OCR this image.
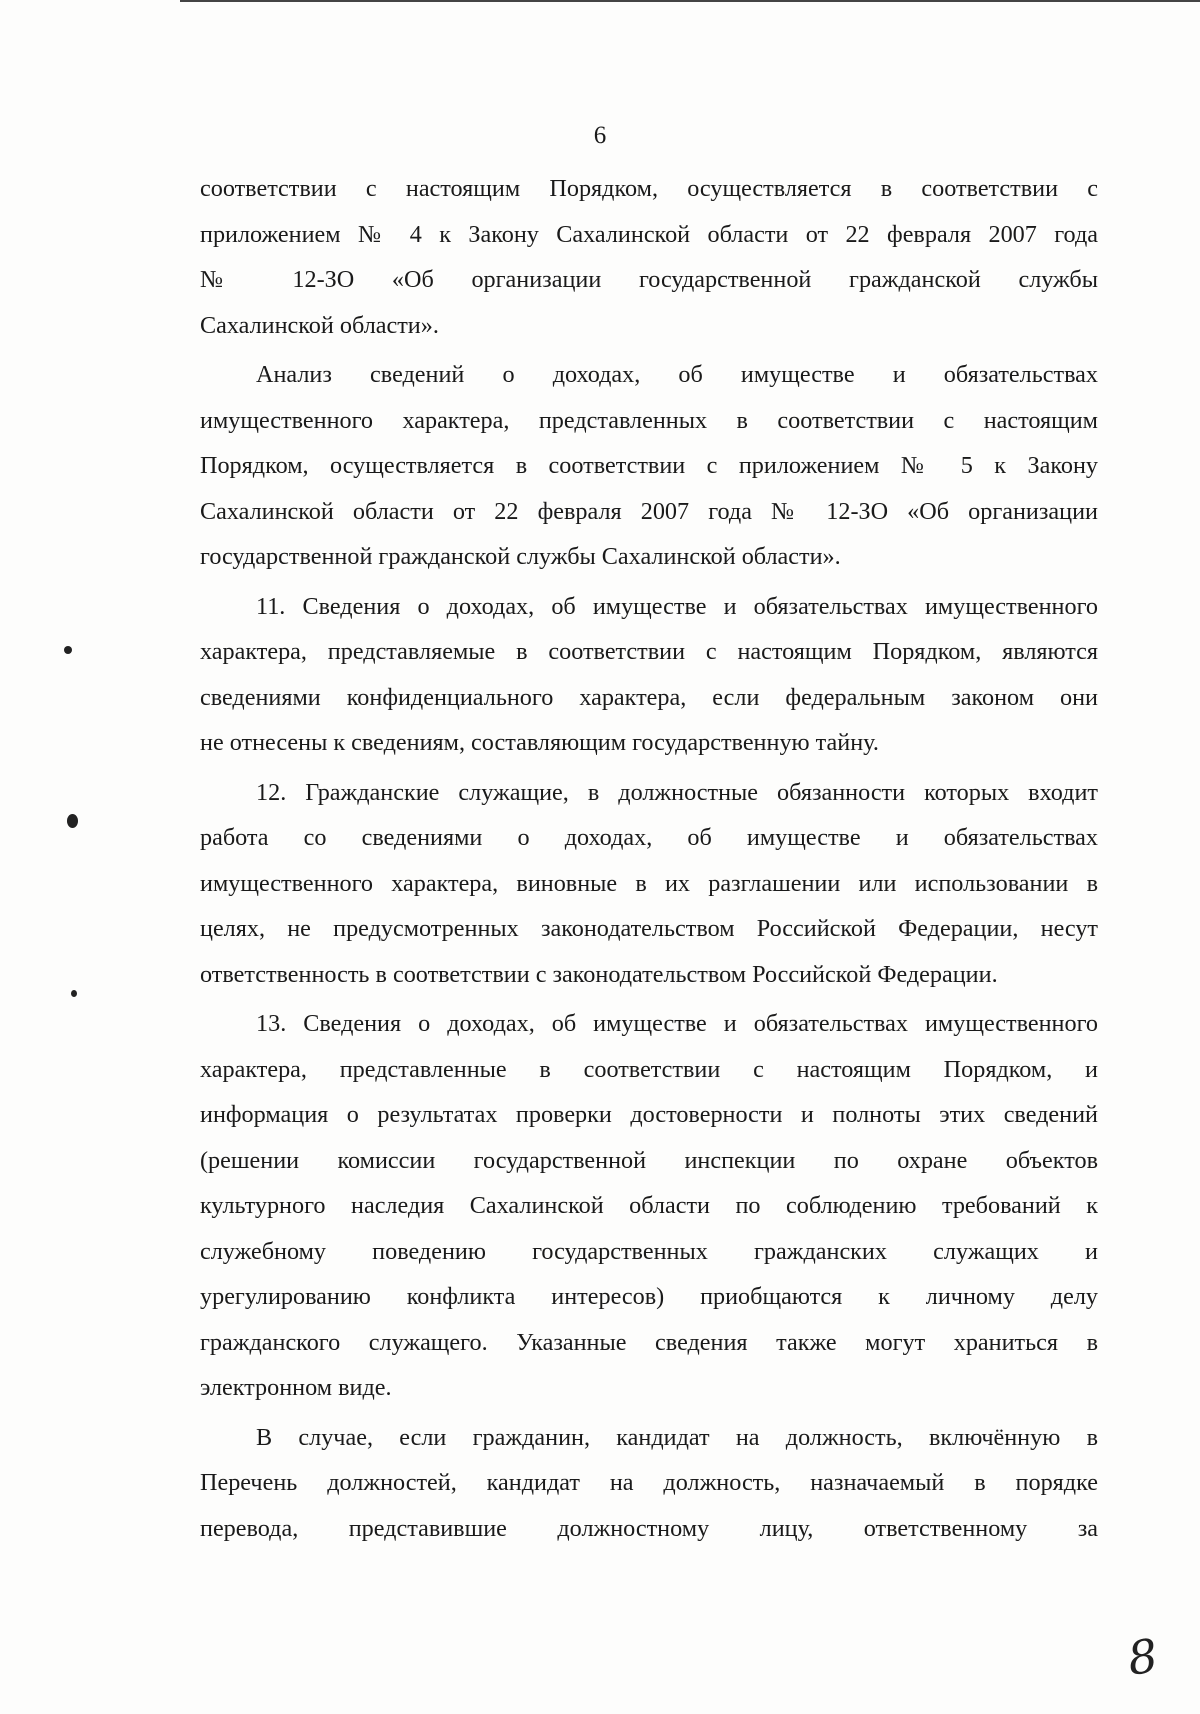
6
соответствии с настоящим Порядком, осуществляется в соответствии с
приложением № 4 к Закону Сахалинской области от 22 февраля 2007 года
№ 12-ЗО «Об организации государственной гражданской службы
Сахалинской области».
Анализ сведений о доходах, об имуществе и обязательствах
имущественного характера, представленных в соответствии с настоящим
Порядком, осуществляется в соответствии с приложением № 5 к Закону
Сахалинской области от 22 февраля 2007 года № 12-ЗО «Об организации
государственной гражданской службы Сахалинской области».
11. Сведения о доходах, об имуществе и обязательствах имущественного
характера, представляемые в соответствии с настоящим Порядком, являются
сведениями конфиденциального характера, если федеральным законом они
не отнесены к сведениям, составляющим государственную тайну.
12. Гражданские служащие, в должностные обязанности которых входит
работа со сведениями о доходах, об имуществе и обязательствах
имущественного характера, виновные в их разглашении или использовании в
целях, не предусмотренных законодательством Российской Федерации, несут
ответственность в соответствии с законодательством Российской Федерации.
13. Сведения о доходах, об имуществе и обязательствах имущественного
характера, представленные в соответствии с настоящим Порядком, и
информация о результатах проверки достоверности и полноты этих сведений
(решении комиссии государственной инспекции по охране объектов
культурного наследия Сахалинской области по соблюдению требований к
служебному поведению государственных гражданских служащих и
урегулированию конфликта интересов) приобщаются к личному делу
гражданского служащего. Указанные сведения также могут храниться в
электронном виде.
В случае, если гражданин, кандидат на должность, включённую в
Перечень должностей, кандидат на должность, назначаемый в порядке
перевода, представившие должностному лицу, ответственному за
8
